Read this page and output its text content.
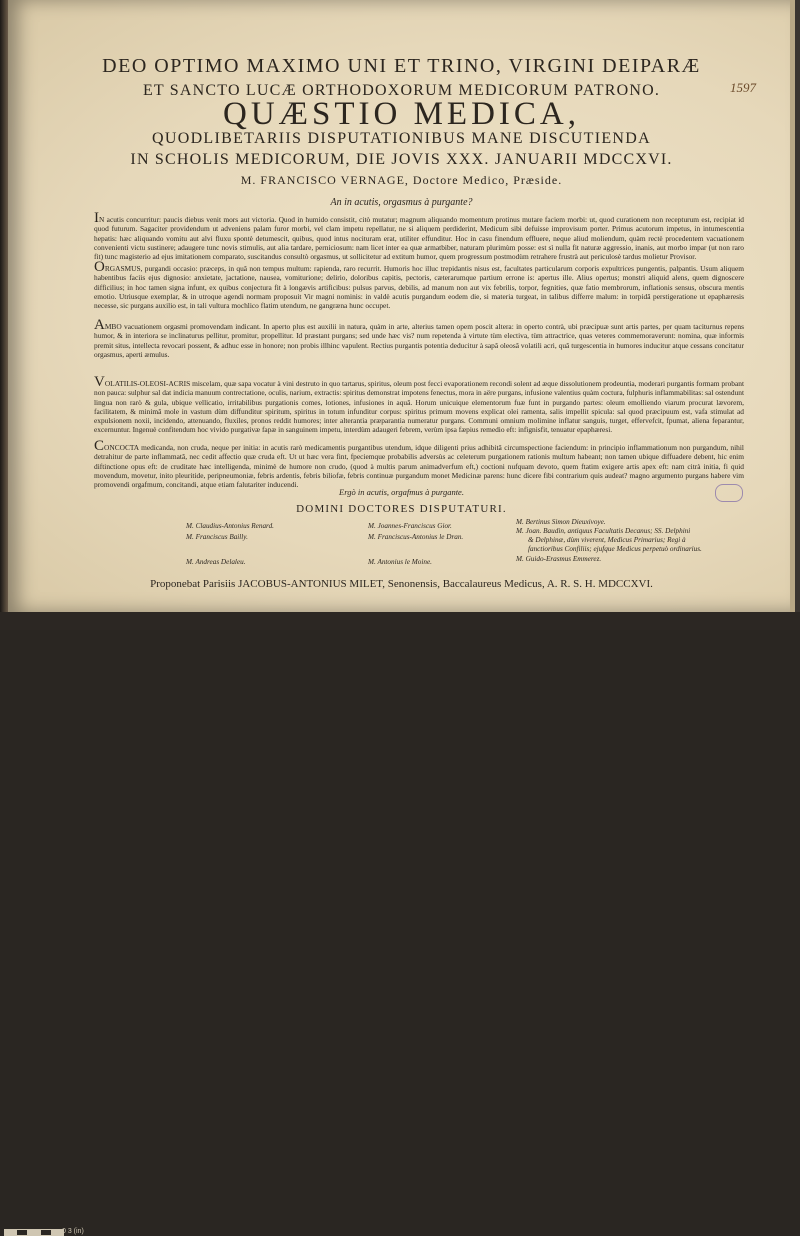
DEO OPTIMO MAXIMO UNI ET TRINO, VIRGINI DEIPARÆ
ET SANCTO LUCÆ ORTHODOXORUM MEDICORUM PATRONO.
QUÆSTIO MEDICA,
QUODLIBETARIIS DISPUTATIONIBUS MANE DISCUTIENDA
IN SCHOLIS MEDICORUM, DIE JOVIS XXX. JANUARII MDCCXVI.
M. FRANCISCO VERNAGE, Doctore Medico, Præside.
1597
An in acutis, orgasmus à purgante?
IN acutis concurritur: paucis diebus venit mors aut victoria. Quod in humido consistit, citò mutatur; magnum aliquando momentum protinus mutare faciem morbi: ut, quod curationem non recepturum est, recipiat id quod futurum. Sagaciter providendum ut adveniens palam furor morbi, vel clam impetu repellatur, ne si aliquem perdiderint, Medicum sibi defuisse improvisum porter. Primus acutorum impetus, in intumescentia hepatis: hæc aliquando vomitu aut alvi fluxu spontè detumescit, quibus, quod intus nocituram erat, utiliter effunditur. Hoc in casu finendum effluere, neque aliud moliendum, quàm rectè procedentem vacuationem convenienti victu sustinere; adaugere tunc novis stimulis, aut alia tardare, perniciosum: nam licet inter ea quæ armatbiber, naturam plurimùm posse: est sì nulla fit naturæ aggressio, inanis, aut morbo impar (ut non raro fit) tunc magisterio ad ejus imitationem comparato, suscitandus consultò orgasmus, ut sollicitetur ad extitum humor, quem progressum postmodùm retrahere frustrà aut periculosè tardus molietur Provisor.
ORGASMUS, purgandi occasio: præceps, in quâ non tempus multum: rapienda, raro recurrit. Humoris hoc illuc trepidantis nisus est, facultates particularum corporis expultrices pungentis, palpantis. Usum aliquem habentibus faciis ejus dignosio: anxietate, jactatione, nausea, vomiturione; delirio, doloribus capitis, pectoris, cæterarumque partium errone is: apertus ille. Alius opertus; monstri aliquid alens, quem dignoscere difficilius; in hoc tamen signa infunt, ex quibus conjectura fit à longævis artificibus: pulsus parvus, debilis, ad manum non aut vix febrilis, torpor, fegnities, quæ fatio membrorum, inflationis sensus, obscura mentis emotio. Utriusque exemplar, & in utroque agendi normam proposuit Vir magni nominis: in valdè acutis purgandum eodem die, si materia turgeat, in talibus differre malum: in torpidâ perstigeratione ut epaphæresis necesse, sic purgans auxilio est, in tali vultura mochlico flatim utendum, ne gangræna hunc occupet.
AMBO vacuationem orgasmi promovendam indicant. In aperto plus est auxilii in natura, quàm in arte, alterius tamen opem poscit altera: in operto contrà, ubi præcipuæ sunt artis partes, per quam taciturnus repens humor, & in interiora se inclinaturus pellitur, promitur, propellitur. Id præstant purgans; sed unde hæc vis? num repetenda à virtute tùm electiva, tùm attractrice, quas veteres commemoraverunt: nomina, quæ informis premit situs, intellecta revocari possent, & adhuc esse in honore; non probis illhinc vapulent. Rectius purgantis potentia deducitur à sapâ oleosâ volatili acri, quâ turgescentia in humores inducitur atque cessans concitatur orgasmus, aperti æmulus.
VOLATILIS-OLEOSI-ACRIS miscelam, quæ sapa vocatur à vini destruto in quo tartarus, spiritus, oleum post fecci evaporationem recondi solent ad æque dissolutionem prodeuntia, moderari purgantis formam probant non pauca: sulphur sal dat indicia manuum contrectatione, oculis, narium, extractis: spiritus demonstrat impotens fenectus, mora in aëre purgans, infusione valentius quàm coctura, fulphuris inflammabilitas: sal ostendunt lingua non rarò & gula, ubique vellicatio, irritabilibus purgationis comes, lotiones, infusiones in aquâ. Horum unicuique elementorum fuæ funt in purgando partes: oleum emolliendo viarum procurat lævorem, facilitatem, & minimâ mole in vastum dùm diffunditur spiritum, spiritus in totum infunditur corpus: spiritus primum movens explicat olei ramenta, salis impellit spicula: sal quod præcipuum est, vafa stimulat ad expulsionem noxii, incidendo, attenuando, fluxiles, pronos reddit humores; inter alterantia præparantia numeratur purgans. Communi omnium molimine inflatur sanguis, turget, effervefcit, fpumat, aliena feparantur, excernuntur. Ingenuè confitendum hoc vivido purgativæ fapæ in sanguinem impetu, interdùm adaugeri febrem, verùm ipsa fæpius remedio eft: infignisfit, tenuatur epaphæresi.
CONCOCTA medicanda, non cruda, neque per initia: in acutis rarò medicamentis purgantibus utendum, idque diligenti prius adhibitâ circumspectione faciendum: in principio inflammationum non purgandum, nihil detrahitur de parte inflammatâ, nec cedit affectio quæ cruda eft. Ut ut hæc vera fint, fpeciemque probabilis adversùs ac celeterum purgationem rationis multum habeant; non tamen ubique diffuadere debent, hic enim diftinctione opus eft: de cruditate hæc intelligenda, minimè de humore non crudo, (quod à multis parum animadverfum eft,) coctioni nufquam devoto, quem ftatim exigere artis apex eft: nam citrà initia, fi quid movendum, movetur, inito pleuritide, peripneumoniæ, febris ardentis, febris biliofæ, febris continuæ purgandum monet Medicinæ parens: hunc dicere fibi contrarium quis audeat? magno argumento purgans habere vim promovendi orgafmum, concitandi, atque etiam falutariter inducendi.
Ergò in acutis, orgafmus à purgante.
DOMINI DOCTORES DISPUTATURI.
M. Claudius-Antonius Renard.
M. Franciscus Bailly.
M. Andreas Delaleu.
M. Joannes-Franciscus Gior.
M. Franciscus-Antonius le Dran.
M. Antonius le Moine.
M. Bertinus Simon Dieuxivoye.
M. Joan. Baudin, antiquus Facultatis Decanus; SS. Delphini
& Delphinæ, dùm viverent, Medicus Primarius; Regi à
fanctioribus Confiliis; ejufque Medicus perpetuò ordinarius.
M. Guido-Erasmus Emmerez.
Proponebat Parisiis JACOBUS-ANTONIUS MILET, Senonensis, Baccalaureus Medicus, A. R. S. H. MDCCXVI.
0 3 (in)
